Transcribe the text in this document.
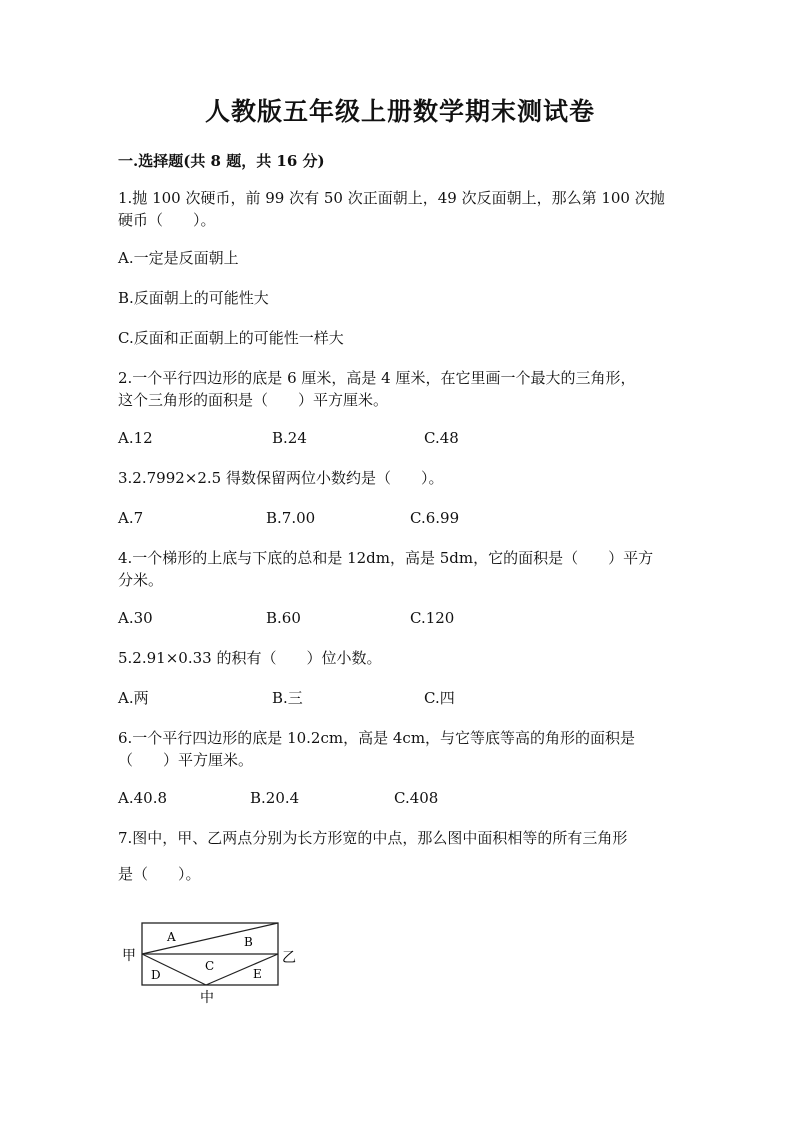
人教版五年级上册数学期末测试卷
一.选择题(共 8 题，共 16 分)
1.抛 100 次硬币，前 99 次有 50 次正面朝上，49 次反面朝上，那么第 100 次抛
硬币（　　）。
A.一定是反面朝上
B.反面朝上的可能性大
C.反面和正面朝上的可能性一样大
2.一个平行四边形的底是 6 厘米，高是 4 厘米，在它里画一个最大的三角形，
这个三角形的面积是（　　）平方厘米。
A.12	B.24	C.48
3.2.7992×2.5 得数保留两位小数约是（　　）。
A.7	B.7.00	C.6.99
4.一个梯形的上底与下底的总和是 12dm，高是 5dm，它的面积是（　　）平方
分米。
A.30	B.60	C.120
5.2.91×0.33 的积有（　　）位小数。
A.两	B.三	C.四
6.一个平行四边形的底是 10.2cm，高是 4cm，与它等底等高的角形的面积是
（　　）平方厘米。
A.40.8	B.20.4	C.408
7.图中，甲、乙两点分别为长方形宽的中点，那么图中面积相等的所有三角形
是（　　）。
A	B
C
D	E
甲	乙
中
